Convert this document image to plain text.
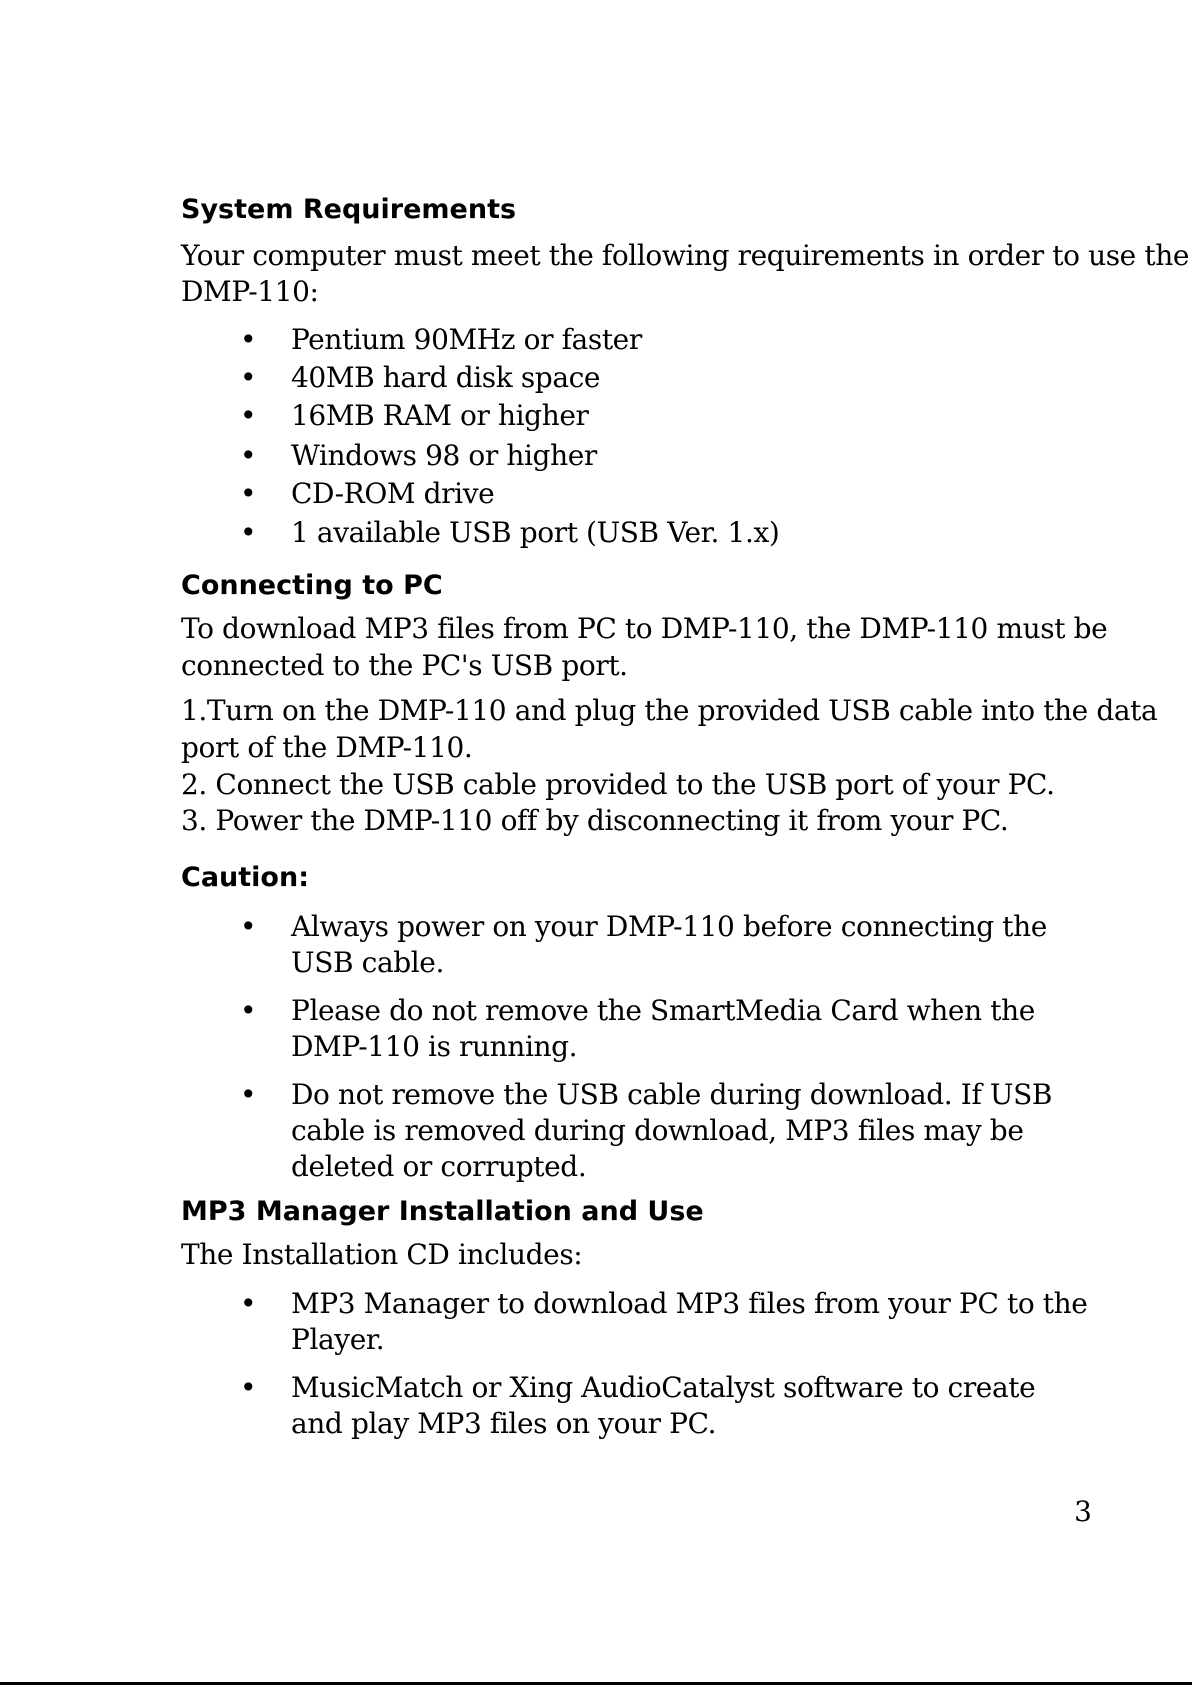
System Requirements

Your computer must meet the following requirements in order to use the

DMP-110:

• Pentium 90MHz or faster
• 40MB hard disk space
• 16MB RAM or higher
• Windows 98 or higher
• CD-ROM drive
• 1 available USB port (USB Ver. 1.x)
Connecting to PC

To download MP3 files from PC to DMP-110, the DMP-110 must be

connected to the PC's USB port.

1.Turn on the DMP-110 and plug the provided USB cable into the data

port of the DMP-110.

2. Connect the USB cable provided to the USB port of your PC.

3. Power the DMP-110 off by disconnecting it from your PC.

Caution:
• Always power on your DMP-110 before connecting the USB cable.
• Please do not remove the SmartMedia Card when the DMP-110 is running.
• Do not remove the USB cable during download. If USB cable is removed during download, MP3 files may be deleted or corrupted.
MP3 Manager Installation and Use

The Installation CD includes:

• MP3 Manager to download MP3 files from your PC to the Player.
• MusicMatch or Xing AudioCatalyst software to create and play MP3 files on your PC.
3
